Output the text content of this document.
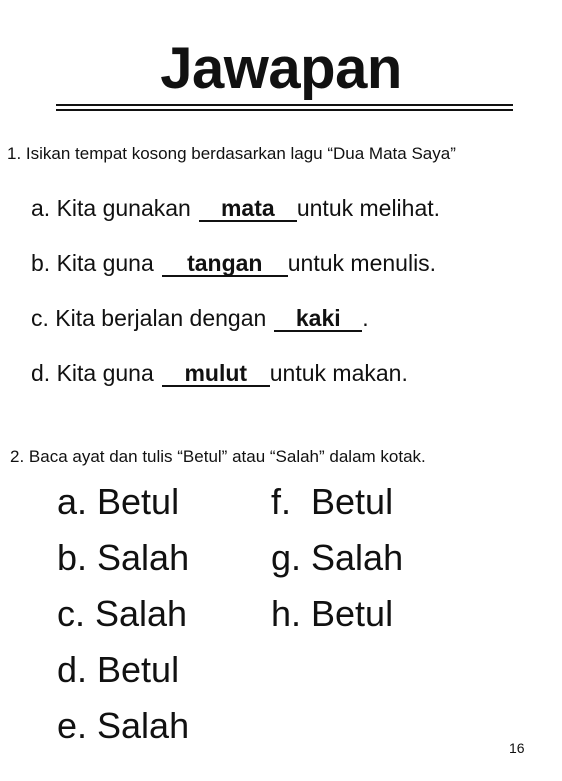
Jawapan
1. Isikan tempat kosong berdasarkan lagu “Dua Mata Saya”
a. Kita gunakan mata untuk melihat.
b. Kita guna tangan untuk menulis.
c. Kita berjalan dengan kaki .
d. Kita guna mulut untuk makan.
2. Baca ayat dan tulis “Betul” atau “Salah” dalam kotak.
a. Betul
b. Salah
c. Salah
d. Betul
e. Salah
f.  Betul
g. Salah
h. Betul
16
